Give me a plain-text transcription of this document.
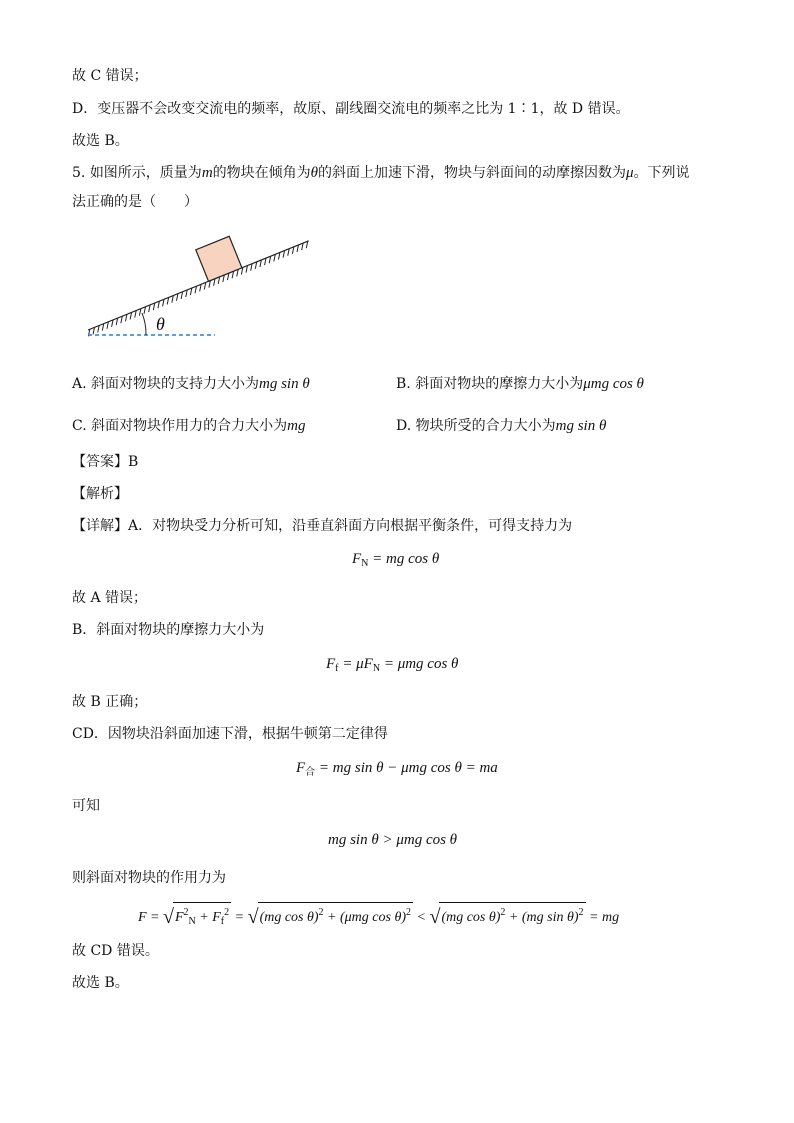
故 C 错误；
D．变压器不会改变交流电的频率，故原、副线圈交流电的频率之比为 1∶1，故 D 错误。
故选 B。
5. 如图所示，质量为m的物块在倾角为θ的斜面上加速下滑，物块与斜面间的动摩擦因数为μ。下列说
法正确的是（　　）
θ
A. 斜面对物块的支持力大小为mg sin θ	B. 斜面对物块的摩擦力大小为μmg cos θ
C. 斜面对物块作用力的合力大小为mg	D. 物块所受的合力大小为mg sin θ
【答案】B
【解析】
【详解】A．对物块受力分析可知，沿垂直斜面方向根据平衡条件，可得支持力为
$F_N$ = mg cos θ
故 A 错误；
B．斜面对物块的摩擦力大小为
$F_f = \mu F_N = \mu mg$ cos θ
故 B 正确；
CD．因物块沿斜面加速下滑，根据牛顿第二定律得
$F_合$ = mg sin θ − μmg cos θ = ma
可知
mg sin θ > μmg cos θ
则斜面对物块的作用力为
$F = √F^2_N + F_f^2 = √(mg$ cos θ)$^2$ + (μmg cos θ)$^2$ < √(mg cos θ)$^2$ + (mg sin θ)$^2$ = mg
故 CD 错误。
故选 B。
